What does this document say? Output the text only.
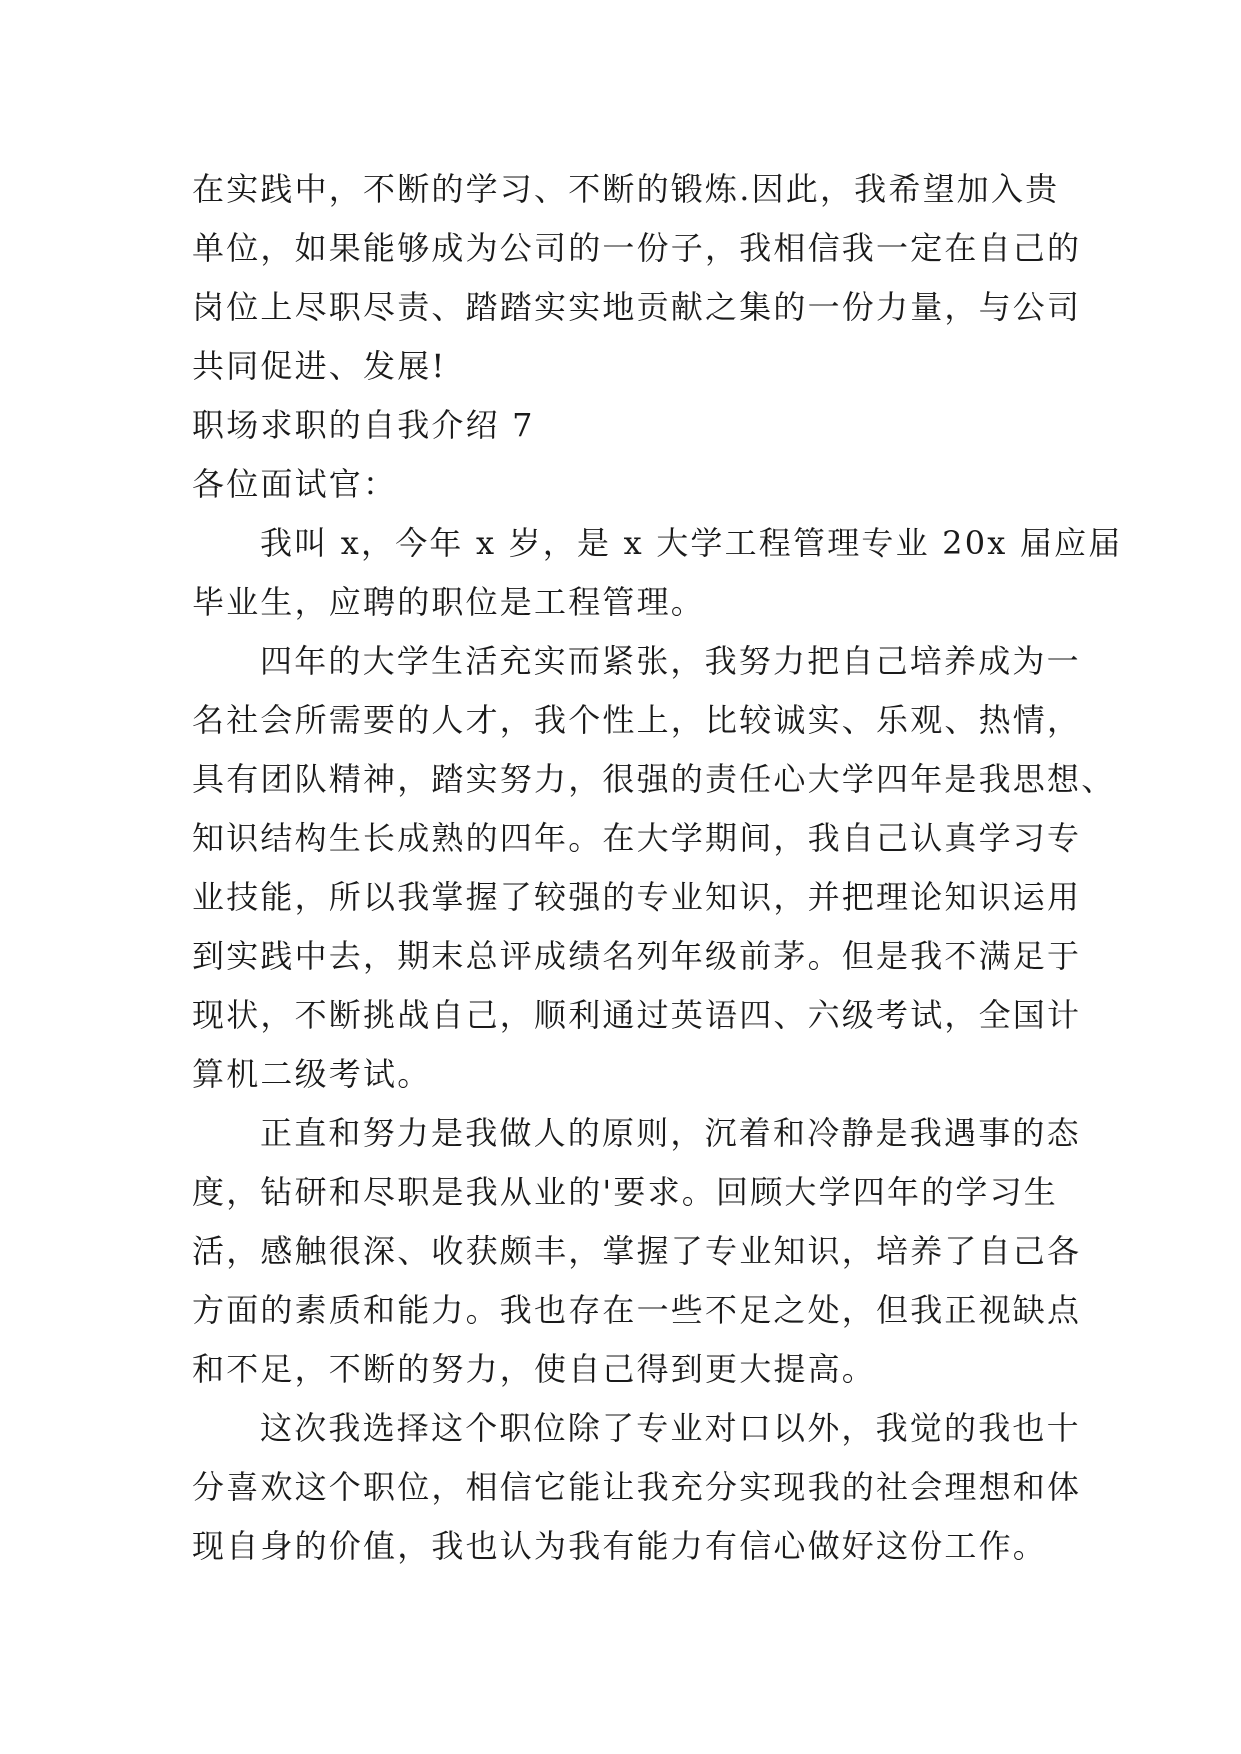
在实践中，不断的学习、不断的锻炼.因此，我希望加入贵
单位，如果能够成为公司的一份子，我相信我一定在自己的
岗位上尽职尽责、踏踏实实地贡献之集的一份力量，与公司
共同促进、发展!
职场求职的自我介绍 7
各位面试官：
我叫 x，今年 x 岁，是 x 大学工程管理专业 20x 届应届
毕业生，应聘的职位是工程管理。
四年的大学生活充实而紧张，我努力把自己培养成为一
名社会所需要的人才，我个性上，比较诚实、乐观、热情，
具有团队精神，踏实努力，很强的责任心大学四年是我思想、
知识结构生长成熟的四年。在大学期间，我自己认真学习专
业技能，所以我掌握了较强的专业知识，并把理论知识运用
到实践中去，期末总评成绩名列年级前茅。但是我不满足于
现状，不断挑战自己，顺利通过英语四、六级考试，全国计
算机二级考试。
正直和努力是我做人的原则，沉着和冷静是我遇事的态
度，钻研和尽职是我从业的'要求。回顾大学四年的学习生
活，感触很深、收获颇丰，掌握了专业知识，培养了自己各
方面的素质和能力。我也存在一些不足之处，但我正视缺点
和不足，不断的努力，使自己得到更大提高。
这次我选择这个职位除了专业对口以外，我觉的我也十
分喜欢这个职位，相信它能让我充分实现我的社会理想和体
现自身的价值，我也认为我有能力有信心做好这份工作。
